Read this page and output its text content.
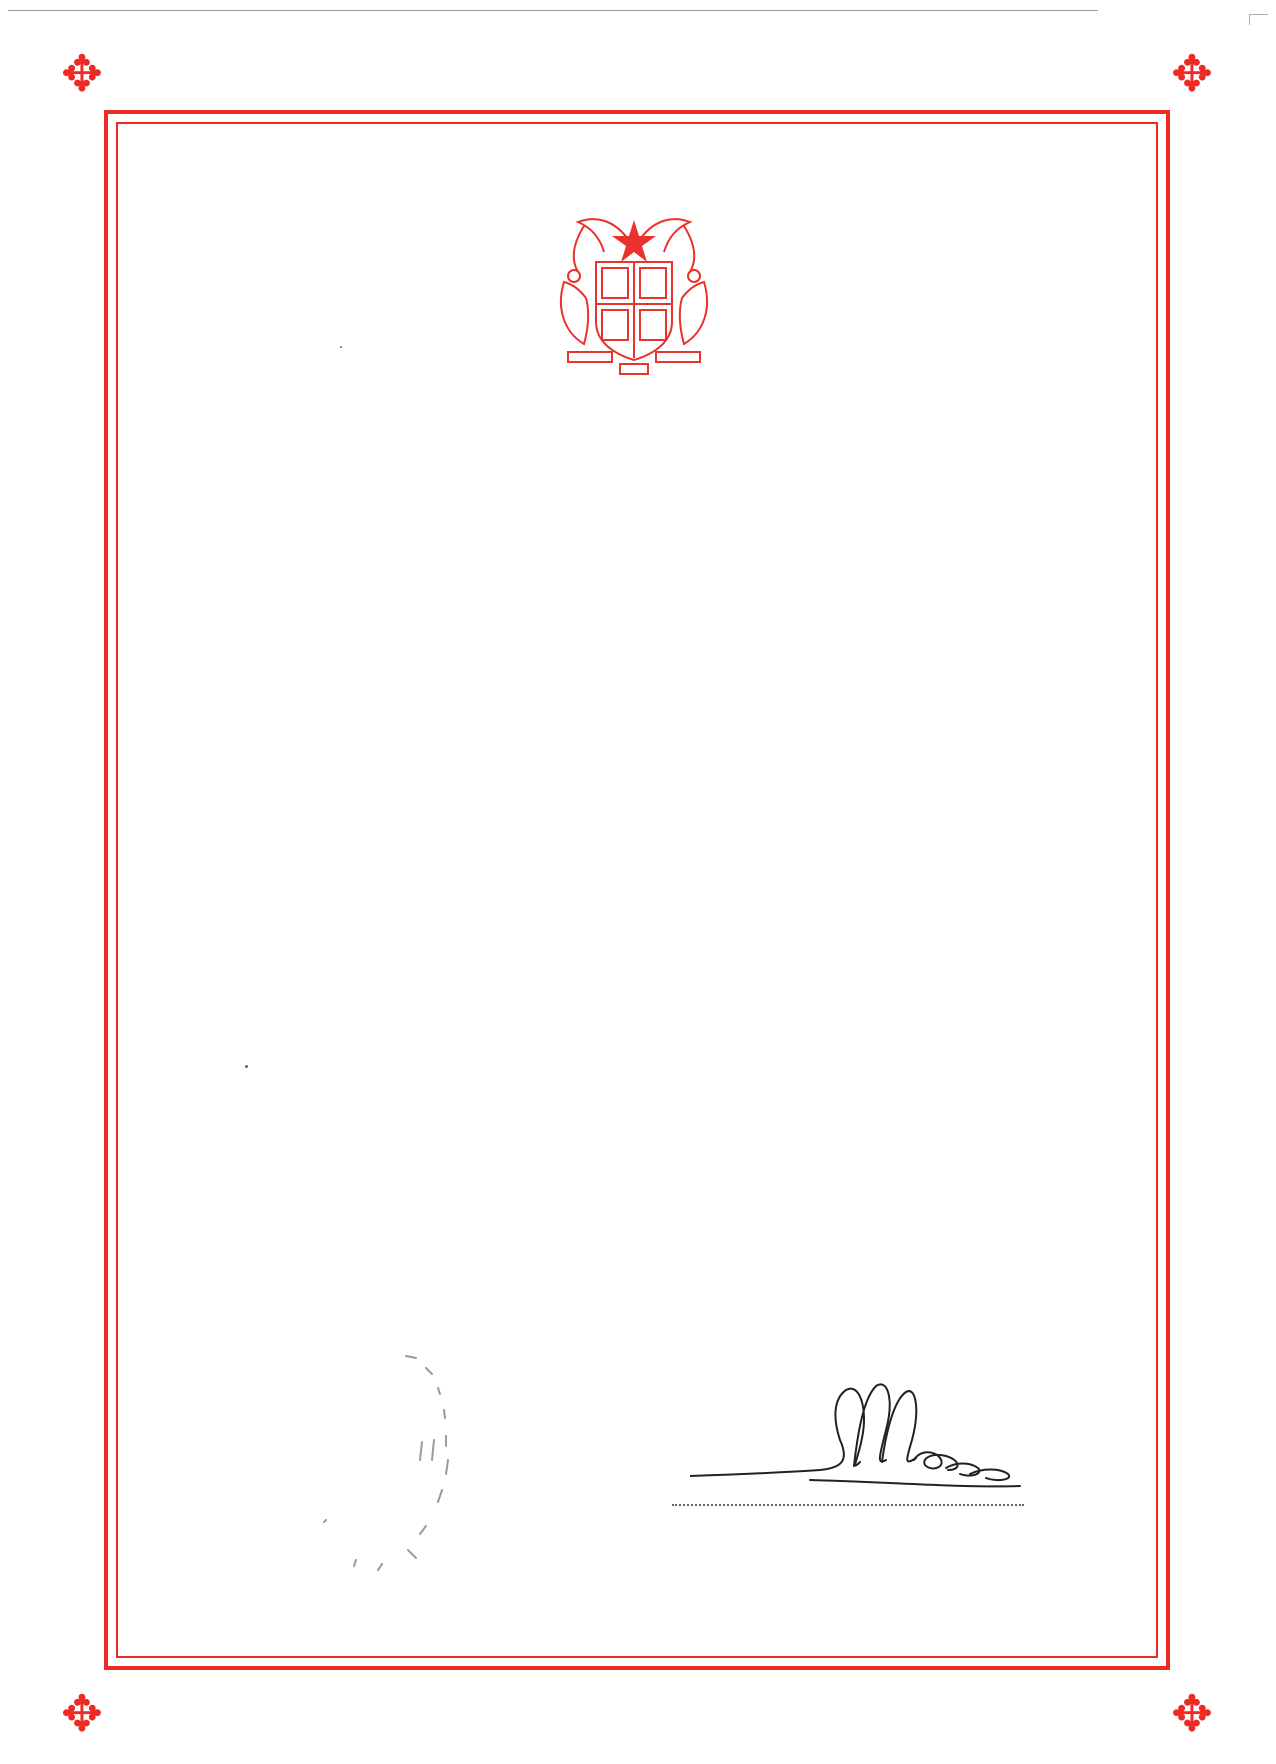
✥	✥
✥	✥
